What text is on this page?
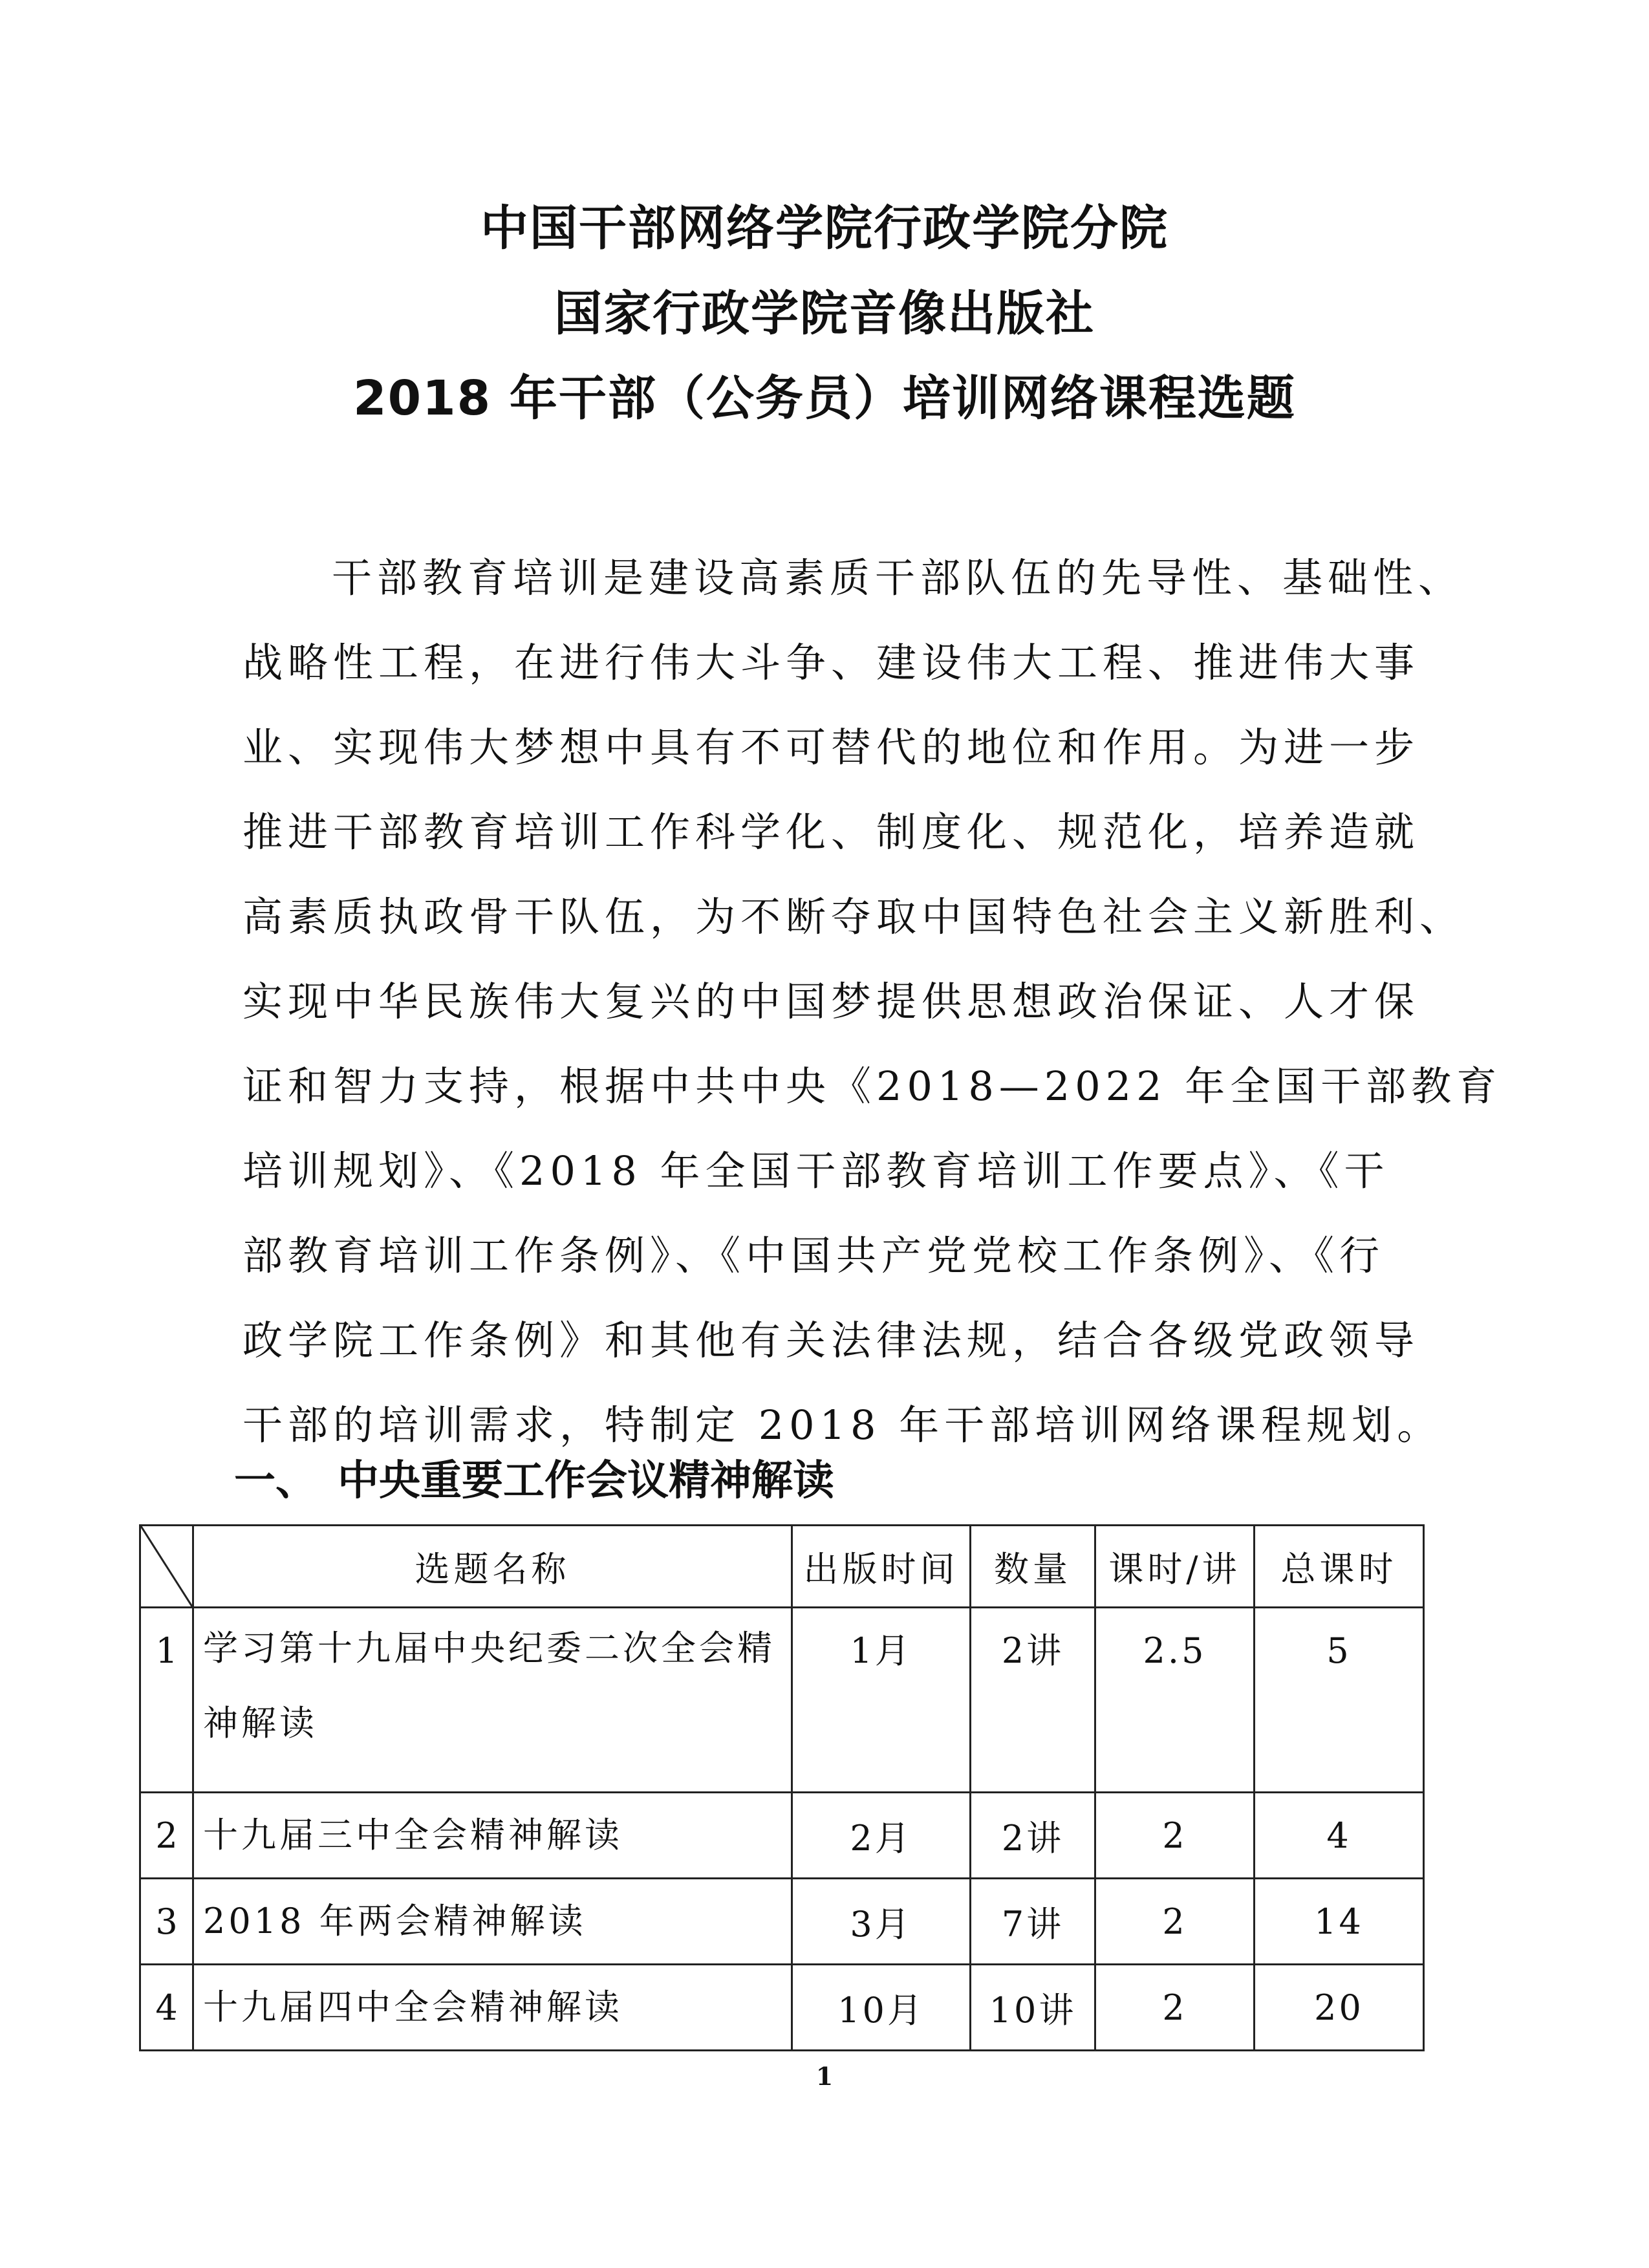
中国干部网络学院行政学院分院
国家行政学院音像出版社
2018 年干部（公务员）培训网络课程选题

干部教育培训是建设高素质干部队伍的先导性、基础性、

战略性工程，在进行伟大斗争、建设伟大工程、推进伟大事

业、实现伟大梦想中具有不可替代的地位和作用。为进一步

推进干部教育培训工作科学化、制度化、规范化，培养造就

高素质执政骨干队伍，为不断夺取中国特色社会主义新胜利、

实现中华民族伟大复兴的中国梦提供思想政治保证、人才保

证和智力支持，根据中共中央《2018—2022 年全国干部教育

培训规划》、《2018 年全国干部教育培训工作要点》、《干

部教育培训工作条例》、《中国共产党党校工作条例》、《行

政学院工作条例》和其他有关法律法规，结合各级党政领导

干部的培训需求，特制定 2018 年干部培训网络课程规划。

一、 中央重要工作会议精神解读
	选题名称	出版时间	数量	课时/讲	总课时
1	学习第十九届中央纪委二次全会精神解读	1月	2讲	2.5	5
2	十九届三中全会精神解读	2月	2讲	2	4
3	2018 年两会精神解读	3月	7讲	2	14
4	十九届四中全会精神解读	10月	10讲	2	20
1
